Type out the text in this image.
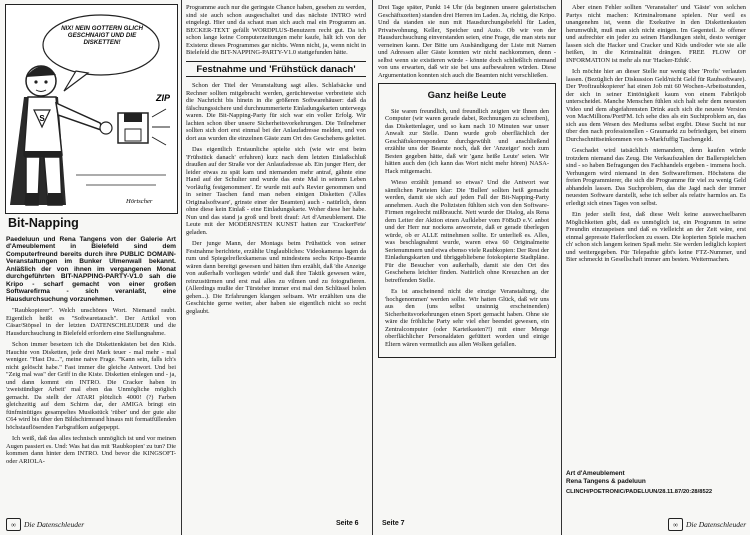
NIX! NEIN GÖTTERN GLICH GESCHNAIGT UND DIE DISKETTEN!
S
ZIP
Hörtscher
Bit-Napping

Paedeluun und Rena Tangens von der Galerie Art d'Ameublement in Bielefeld sind dem Computerfreund bereits durch ihre PUBLIC DOMAIN-Veranstaltungen im Bunker Ulmenwall bekannt. Anläßlich der von ihnen im vergangenen Monat durchgeführten BIT-NAPPING-PARTY-V1.0 sah die Kripo - scharf gemacht von einer großen Softwarefirma - sich veranlaßt, eine Hausdurchsuchung vorzunehmen.

"Raubkopierer". Welch unschönes Wort. Niemand raubt. Eigentlich heißt es "Softwaretausch". Der Artikel von Cäsar/Stöpsel in der letzten DATENSCHLEUDER und die Hausdurchsuchung in Bielefeld erfordern eine Stellungnahme.

Schon immer besetzen ich die Diskettenkästen bei den Kids. Hauchte von Disketten, jede drei Mark teuer - mal mehr - mal weniger. "Hast Du...", meine naive Frage. "Kann sein, falls ich's nicht gelöscht habe." Fast immer die gleiche Antwort. Und bei "Zeig mal was" der Griff in die Kiste. Disketten einlegen und - ja, und dann kommt ein INTRO. Die Cracker haben in 'zweistündiger Arbeit' mal eben das Unmögliche möglich gemacht. Da stellt der ATARI plötzlich 4000! (?) Farben gleichzeitig auf dem Schirm dar, der AMIGA bringt ein fünfminütiges gesampeltes Musikstück 'rüber' und der gute alte C64 wird bis über den Bildschirmrand hinaus mit formatfüllenden höchstauflösenden Farbgrafiken aufgepeppt.

Ich weiß, daß das alles technisch unmöglich ist und vor meinen Augen passiert es. Und: Was hat das mit 'Raubkopien' zu tun? Die kommen dann hinter dem INTRO. Und bevor die KINGSOFT- oder ARIOLA-

Programme auch nur die geringste Chance haben, gesehen zu werden, sind sie auch schon ausgeschaltet und das nächste INTRO wird eingelegt. Hier und da schaut man sich auch mal ein Programm an. BECKER-TEXT gefällt WORDPLUS-Benutzern recht gut. Da ich schon lange keine Computerzeitungen mehr kaufe, hält ich von der Existenz dieses Programmes gar nichts. Wenn nicht, ja, wenn nicht in Bielefeld die BIT-NAPPING-PARTY-V1.0 stattgefunden hätte.

Festnahme und 'Frühstück danach'

Schon der Titel der Veranstaltung sagt alles. Schlafsäcke und Rechner sollten mitgebracht werden, gerüchteweise verbreitete sich die Nachricht bis hinein in die größeren Softwarehäuser: daß da fälschungssichere und durchnummerierte Einladungskarten unterwegs waren. Die Bit-Napping-Party für sich war ein voller Erfolg. Wir lachten schon über unsere Sicherheitsvorkehrungen. Die Teilnehmer sollten sich dort erst einmal bei der Anlaufadresse melden, und von dort aus wurden die einzelnen Gäste zum Ort des Geschehens geleitet.

Das eigentlich Erstaunliche spielte sich (wie wir erst beim 'Frühstück danach' erfuhren) kurz nach dem letzten Einlaßschluß draußen auf der Straße vor der Anlaufadresse ab. Ein junger Herr, der leider etwas zu spät kam und niemanden mehr antraf, gähnte eine Hand auf der Schulter und wurde das erste Mal in seinem Leben 'vorläufig festgenommen'. Er wurde mit auf's Revier genommen und in seiner Taschen fand man neben einigen Disketten ('Alles Originalsoftware', grinste einer der Beamten) auch - natürlich, denn ohne diese kein Einlaß - eine Einladungskarte. Woher diese her habe. Nun und das stand ja groß und breit drauf: Art d'Ameublement. Die Leute mit der MODERNSTEN KUNST hatten zur 'CrackerFete' geladen.

Der junge Mann, der Montags beim Frühstück von seiner Festnahme berichtete, erzählte Unglaubliches: Videokameras lagen da rum und Spiegelreflexkameras und mindestens sechs Kripo-Beamte wären dann bereitgi gewesen und hätten ihm erzählt, daß 'die Anzeige von außerhalb vorliegen würde' und daß ihre Taktik gewesen wäre, reinzustürmen und erst mal alles zu vilmen und zu fotografieren. (Allerdings mußte der Türsteher immer erst mal den Schlüssel holen gehen...). Die Erfahrungen klangen seltsam. Wir erzählten uns die Geschichte gerne weiter, aber haben sie eigentlich nicht so recht geglaubt.

Drei Tage später, Punkt 14 Uhr (da beginnen unsere galeristischen Geschäftszeiten) standen drei Herren im Laden. Ja, richtig, die Kripo. Und da standen sie nun mit Hausdurchungsbefehl für Laden, Privatwohnung, Keller, Speicher und Auto. Ob wir von der Hausdurchsuchung einverstanden seien, eine Frage, die man stets nur verneinen kann. Der Bitte um Aushändigung der Liste mit Namen und Adressen aller Gäste konnten wir nicht nachkommen, denn - selbst wenn sie existieren würde - könnte doch schließlich niemand von uns erwarten, daß wir sie bei uns aufbewahren würden. Diese Argumentation konnten sich auch die Beamten nicht verschließen.

Ganz heiße Leute

Sie waren freundlich, und freundlich zeigten wir Ihnen den Computer (wir waren gerade dabei, Rechnungen zu schreiben), das Diskettenlager, und so kam nach 10 Minuten war unser Anwalt zur Stelle. Dann wurde grob oberflächlich der Geschäftskorrespondenz durchgewühlt und anschließend erzählte uns der Beamte noch, daß der 'Anzeiger' noch zum Besten gegeben hätte, daß wir 'ganz heiße Leute' seien. Wir hätten auch den (ich kann das Wort nicht mehr hören) NASA-Hack mitgemacht.

Wieso erzählt jemand so etwas? Und die Antwort war sämtlichen Parteien klar: Die 'Bullen' sollten heiß gemacht werden, damit sie sich auf jeden Fall der Bit-Napping-Party annehmen. Auch die Polizisten fühlten sich von den Software-Firmen regelrecht mißbraucht. Nett wurde der Dialog, als Rena dem Leiter der Aktion einen Aufkleber vom FöBuD e.V. anbot und der Herr nur nockens anworrete, daß er gerade überlegen würde, ob er ALLE mitnehmen sollte. Er unterließ es. Alles, was beschlagnahmt wurde, waren etwa 60 Originalmeite Serienummern und etwa ebenso viele Raubkopien: Der Rest der Einladungskarten und übriggebliebene fotokopierte Stadtpläne. Für die Besucher von außerhalb, damit sie den Ort des Geschehens leichter finden. Natürlich ohne Kreuzchen an der betreffenden Stelle.

Es ist anscheinend nicht die einzige Veranstaltung, die 'hochgenommen' werden sollte. Wir hatten Glück, daß wir uns aus den (uns selbst unsinnig erscheinenden) Sicherheitsvorkehrungen einen Sport gemacht haben. Ohne sie wäre die fröhliche Party sehr viel eher beendet gewesen, ein Zentralcomputer (oder Karteikasten?!) mit einer Menge oberflächlicher Personaldaten gefüttert worden und einige Eltern wären vermutlich aus allen Wolken gefallen.

Aber einen Fehler sollten 'Veranstalter' und 'Gäste' von solchen Partys nicht machen: Kriminalromane spielen. Nur weil es unangenehm ist, wenn die Exekutive in den Diskettenkasten herumwühlt, muß man sich nicht einigen. Im Gegenteil. Je offener und aufrechter ein jeder zu seinen Handlungen steht, desto weniger lassen sich die Hacker und Cracker und Kids und/oder wie sie alle heißen, in die Kriminalität drängen. FREE FLOW OF INFORMATION ist mehr als nur 'Hacker-Ethik'.

Ich möchte hier an dieser Stelle nur wenig über 'Profis' verlauten lassen. (Bezüglich der Diskussion Geld/nicht Geld für Raubsoftware). Der 'Profiraubkopierer' hat einen Job mit 60 Wochen-Arbeitsstunden, der sich in seiner Eintönigkeit kaum von einem Fabrikjob unterscheidet. Manche Menschen fühlen sich halt sehr dem neuesten Video und dem abgefahrensten Drink auch sich die neueste Version von MacMillions/PortFM. Ich sehe dies als ein Suchtproblem an, das sich aus dem Wesen des Mediums selbst ergibt. Diese Sucht ist nur über den nach professionellen - Graumarkt zu befriedigen, bei einem Durchschnittseinkommen von x-Markfuffig Taschengeld.

Geschadet wird tatsächlich niemandem, denn kaufen würde trotzdem niemand das Zeug. Die Verkaufszahlen der Ballerspielchen sind - so haben Befragungen des Fachhandels ergeben - immens hoch. Verhungern wird niemand in den Softwarefirmen. Höchstens die freien Programmierer, die sich die Programme für viel zu wenig Geld abhandeln lassen. Das Suchproblem, das die Jagd nach der immer neuesten Software darstellt, sehe ich selber als relativ harmlos an. Es erledigt sich eines Tages von selbst.

Ein jeder stellt fest, daß diese Welt keine auswechselbaren Möglichkeiten gibt, daß es unmöglich ist, ein Programm in seine Freundin einzuspeisen und daß es vielleicht an der Zeit wäre, erst einmal gepresste Haferflocken zu essen. Die kopierten Spiele machen ch' schon sich langem keinen Spaß mehr. Sie werden lediglich kopiert und weitergegeben. Für Telepathie gibt's keine FTZ-Nummer, und Bier schmeckt in Gesellschaft immer am besten. Weitermachen.

Art d'Ameublement
Rena Tangens & padeluun
CLINCH/POETRONIC/PADELUUN/28.11.87/20:28/8522
∞	Die Datenschleuder	Seite 6	Seite 7	∞	Die Datenschleuder
